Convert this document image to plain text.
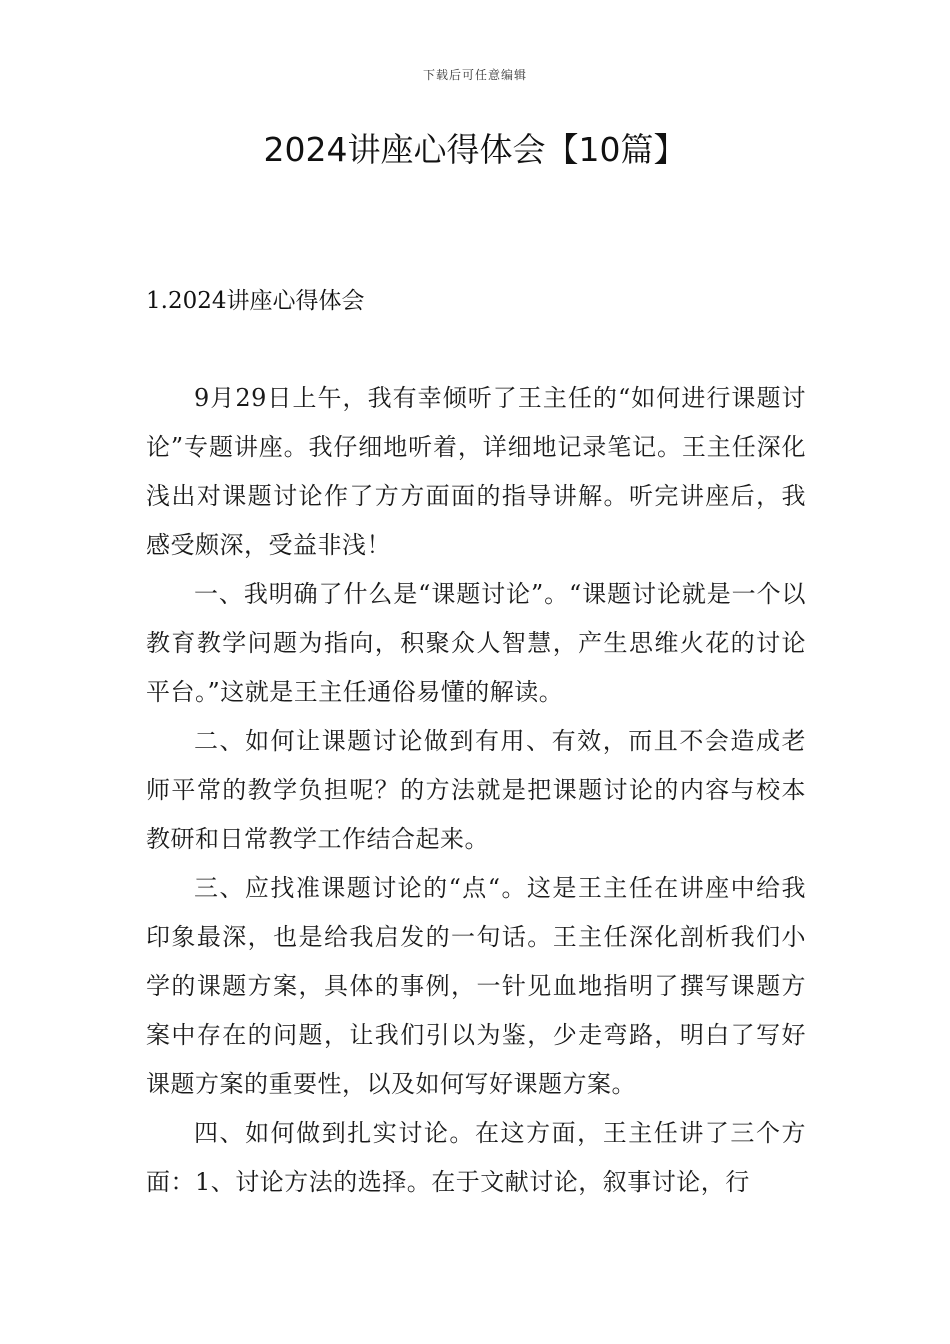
下载后可任意编辑
2024讲座心得体会【10篇】
1.2024讲座心得体会

9月29日上午，我有幸倾听了王主任的“如何进行课题讨论”专题讲座。我仔细地听着，详细地记录笔记。王主任深化浅出对课题讨论作了方方面面的指导讲解。听完讲座后，我感受颇深，受益非浅！

一、我明确了什么是“课题讨论”。“课题讨论就是一个以教育教学问题为指向，积聚众人智慧，产生思维火花的讨论平台。”这就是王主任通俗易懂的解读。

二、如何让课题讨论做到有用、有效，而且不会造成老师平常的教学负担呢？的方法就是把课题讨论的内容与校本教研和日常教学工作结合起来。

三、应找准课题讨论的“点“。这是王主任在讲座中给我印象最深，也是给我启发的一句话。王主任深化剖析我们小学的课题方案，具体的事例，一针见血地指明了撰写课题方案中存在的问题，让我们引以为鉴，少走弯路，明白了写好课题方案的重要性，以及如何写好课题方案。

四、如何做到扎实讨论。在这方面，王主任讲了三个方面：1、讨论方法的选择。在于文献讨论，叙事讨论，行
